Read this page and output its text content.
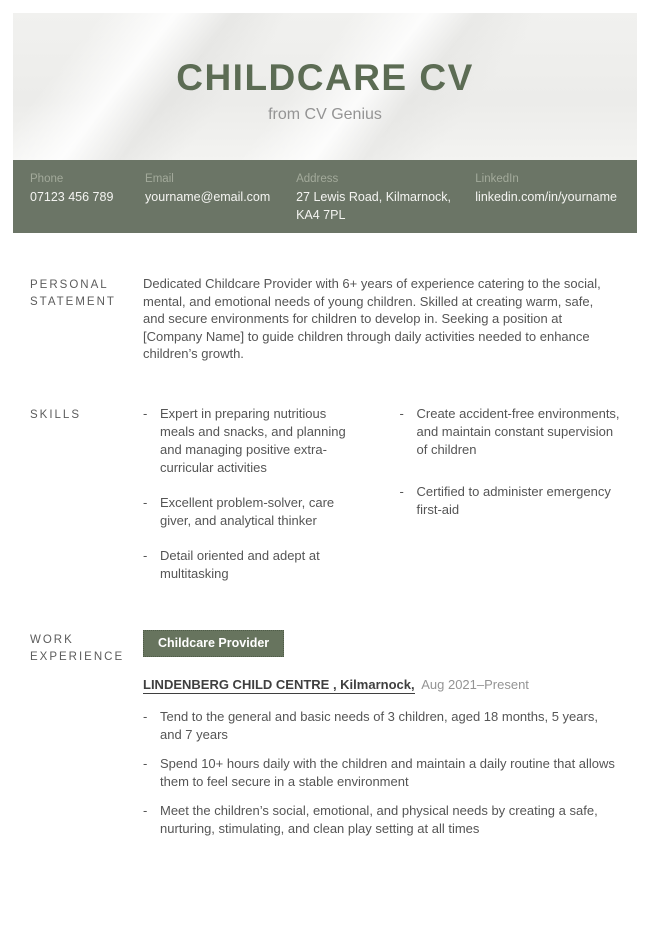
CHILDCARE CV
from CV Genius
Phone
07123 456 789
Email
yourname@email.com
Address
27 Lewis Road, Kilmarnock, KA4 7PL
LinkedIn
linkedin.com/in/yourname
PERSONAL STATEMENT

Dedicated Childcare Provider with 6+ years of experience catering to the social, mental, and emotional needs of young children. Skilled at creating warm, safe, and secure environments for children to develop in. Seeking a position at [Company Name] to guide children through daily activities needed to enhance children’s growth.

SKILLS	- Expert in preparing nutritious meals and snacks, and planning and managing positive extra-curricular activities
- Excellent problem-solver, care giver, and analytical thinker
- Detail oriented and adept at multitasking
- Create accident-free environments, and maintain constant supervision of children
- Certified to administer emergency first-aid
WORK EXPERIENCE
Childcare Provider
LINDENBERG CHILD CENTRE , Kilmarnock, Aug 2021–Present
- Tend to the general and basic needs of 3 children, aged 18 months, 5 years, and 7 years
- Spend 10+ hours daily with the children and maintain a daily routine that allows them to feel secure in a stable environment
- Meet the children’s social, emotional, and physical needs by creating a safe, nurturing, stimulating, and clean play setting at all times
